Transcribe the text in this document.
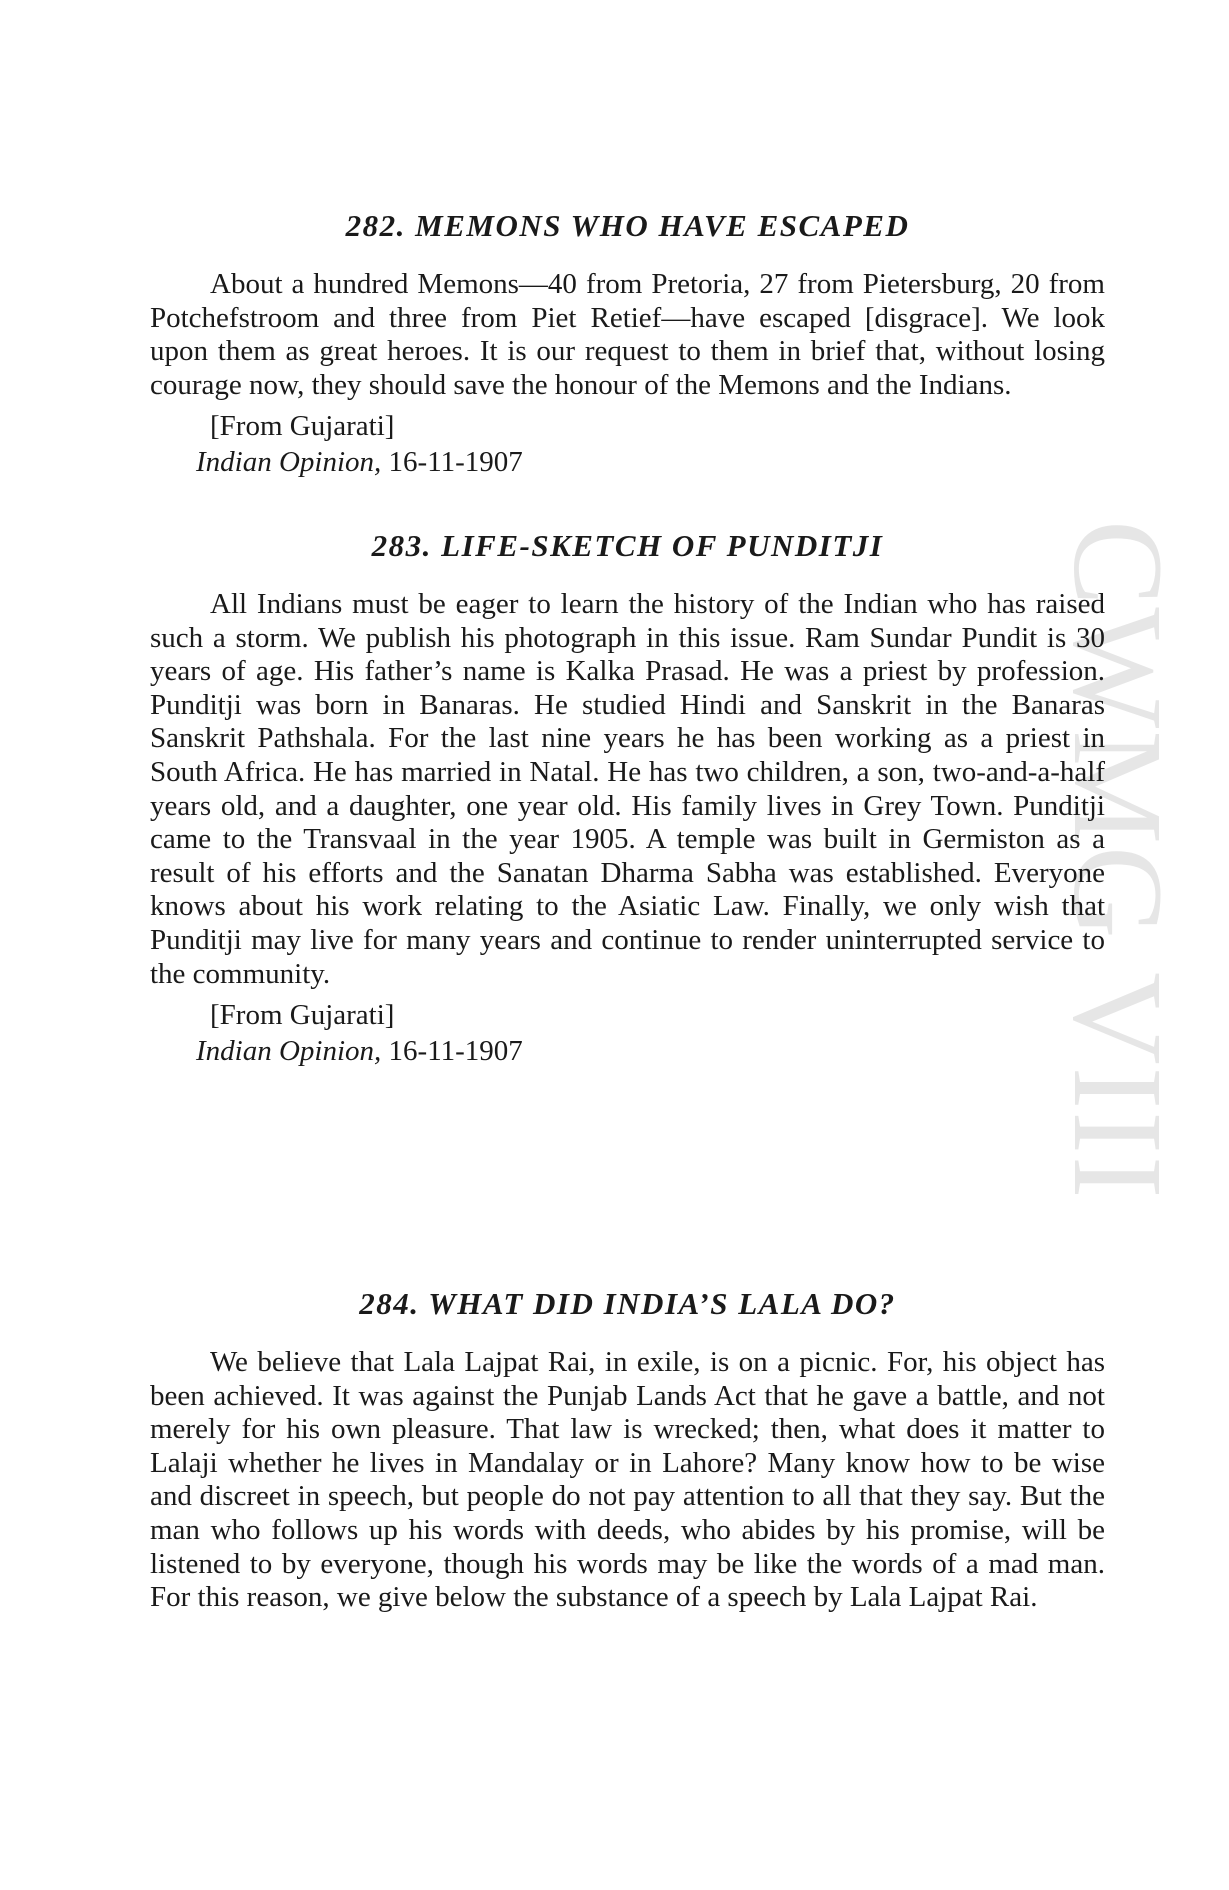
CWMG VIII
282. MEMONS WHO HAVE ESCAPED

About a hundred Memons—40 from Pretoria, 27 from Pietersburg, 20 from Potchefstroom and three from Piet Retief—have escaped [disgrace]. We look upon them as great heroes. It is our request to them in brief that, without losing courage now, they should save the honour of the Memons and the Indians.

[From Gujarati]
Indian Opinion, 16-11-1907
283. LIFE-SKETCH OF PUNDITJI

All Indians must be eager to learn the history of the Indian who has raised such a storm. We publish his photograph in this issue. Ram Sundar Pundit is 30 years of age. His father’s name is Kalka Prasad. He was a priest by profession. Punditji was born in Banaras. He studied Hindi and Sanskrit in the Banaras Sanskrit Pathshala. For the last nine years he has been working as a priest in South Africa. He has married in Natal. He has two children, a son, two-and-a-half years old, and a daughter, one year old. His family lives in Grey Town. Punditji came to the Transvaal in the year 1905. A temple was built in Germiston as a result of his efforts and the Sanatan Dharma Sabha was established. Everyone knows about his work relating to the Asiatic Law. Finally, we only wish that Punditji may live for many years and continue to render uninterrupted service to the community.

[From Gujarati]
Indian Opinion, 16-11-1907
284. WHAT DID INDIA’S LALA DO?

We believe that Lala Lajpat Rai, in exile, is on a picnic. For, his object has been achieved. It was against the Punjab Lands Act that he gave a battle, and not merely for his own pleasure. That law is wrecked; then, what does it matter to Lalaji whether he lives in Mandalay or in Lahore? Many know how to be wise and discreet in speech, but people do not pay attention to all that they say. But the man who follows up his words with deeds, who abides by his promise, will be listened to by everyone, though his words may be like the words of a mad man. For this reason, we give below the substance of a speech by Lala Lajpat Rai.
